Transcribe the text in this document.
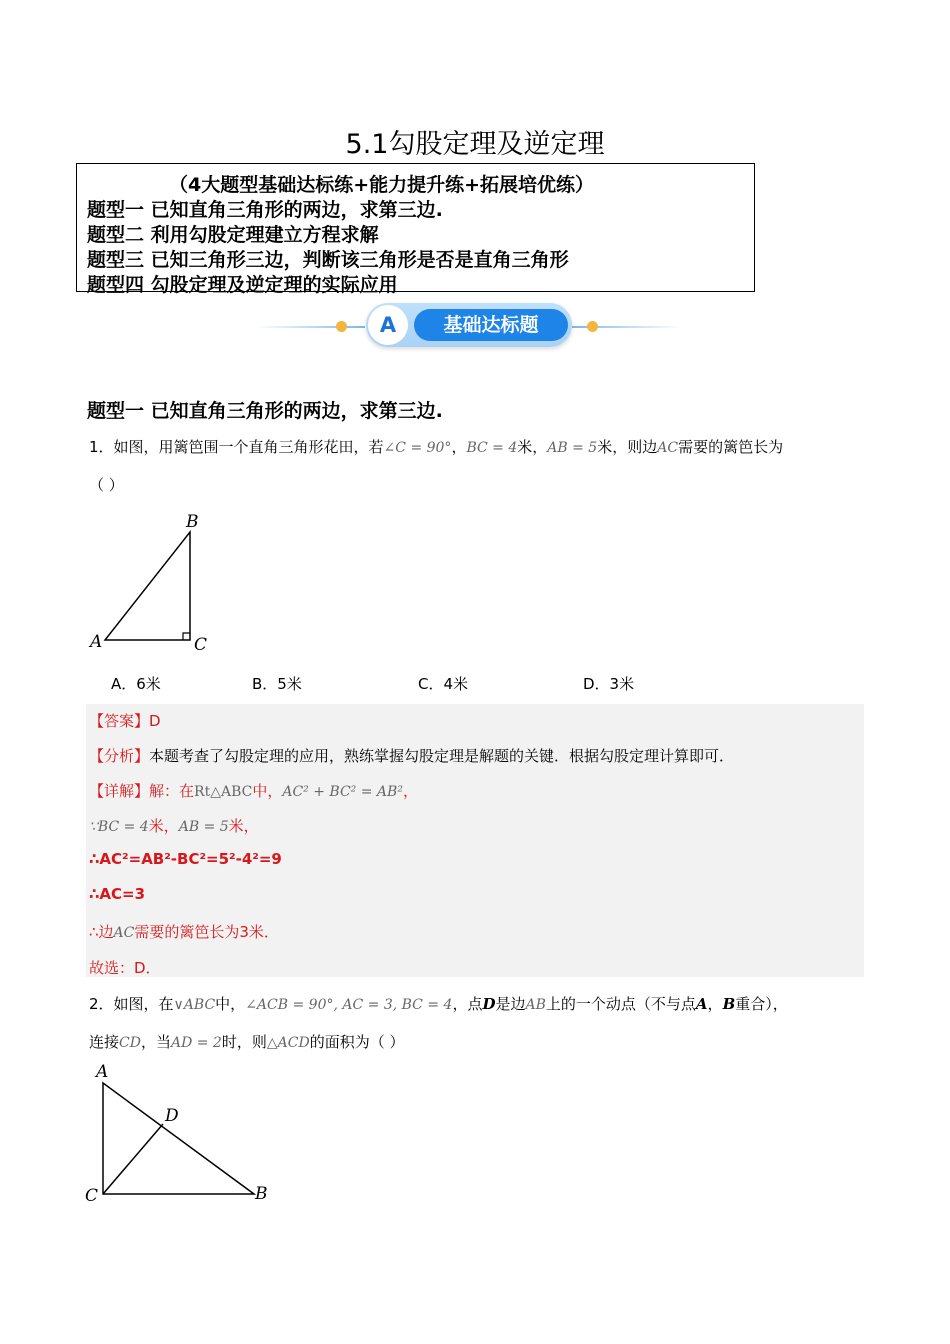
5.1勾股定理及逆定理
（4大题型基础达标练+能力提升练+拓展培优练）
题型一 已知直角三角形的两边，求第三边.
题型二 利用勾股定理建立方程求解
题型三 已知三角形三边，判断该三角形是否是直角三角形
题型四 勾股定理及逆定理的实际应用
A	基础达标题
题型一 已知直角三角形的两边，求第三边.
1．如图，用篱笆围一个直角三角形花田，若∠C = 90°，BC = 4米，AB = 5米，则边AC需要的篱笆长为
（ ）
B
A	C
A．6米	B．5米	C．4米	D．3米
【答案】D
【分析】本题考查了勾股定理的应用，熟练掌握勾股定理是解题的关键．根据勾股定理计算即可．
【详解】解：在Rt△ABC中，AC² + BC² = AB²，
∵BC = 4米，AB = 5米，
∴AC²=AB²-BC²=5²-4²=9
∴AC=3
∴边AC需要的篱笆长为3米．
故选：D．
2．如图，在∨ABC中，∠ACB = 90°, AC = 3, BC = 4，点D是边AB上的一个动点（不与点A，B重合），
连接CD，当AD = 2时，则△ACD的面积为（ ）
A
D
C	B
